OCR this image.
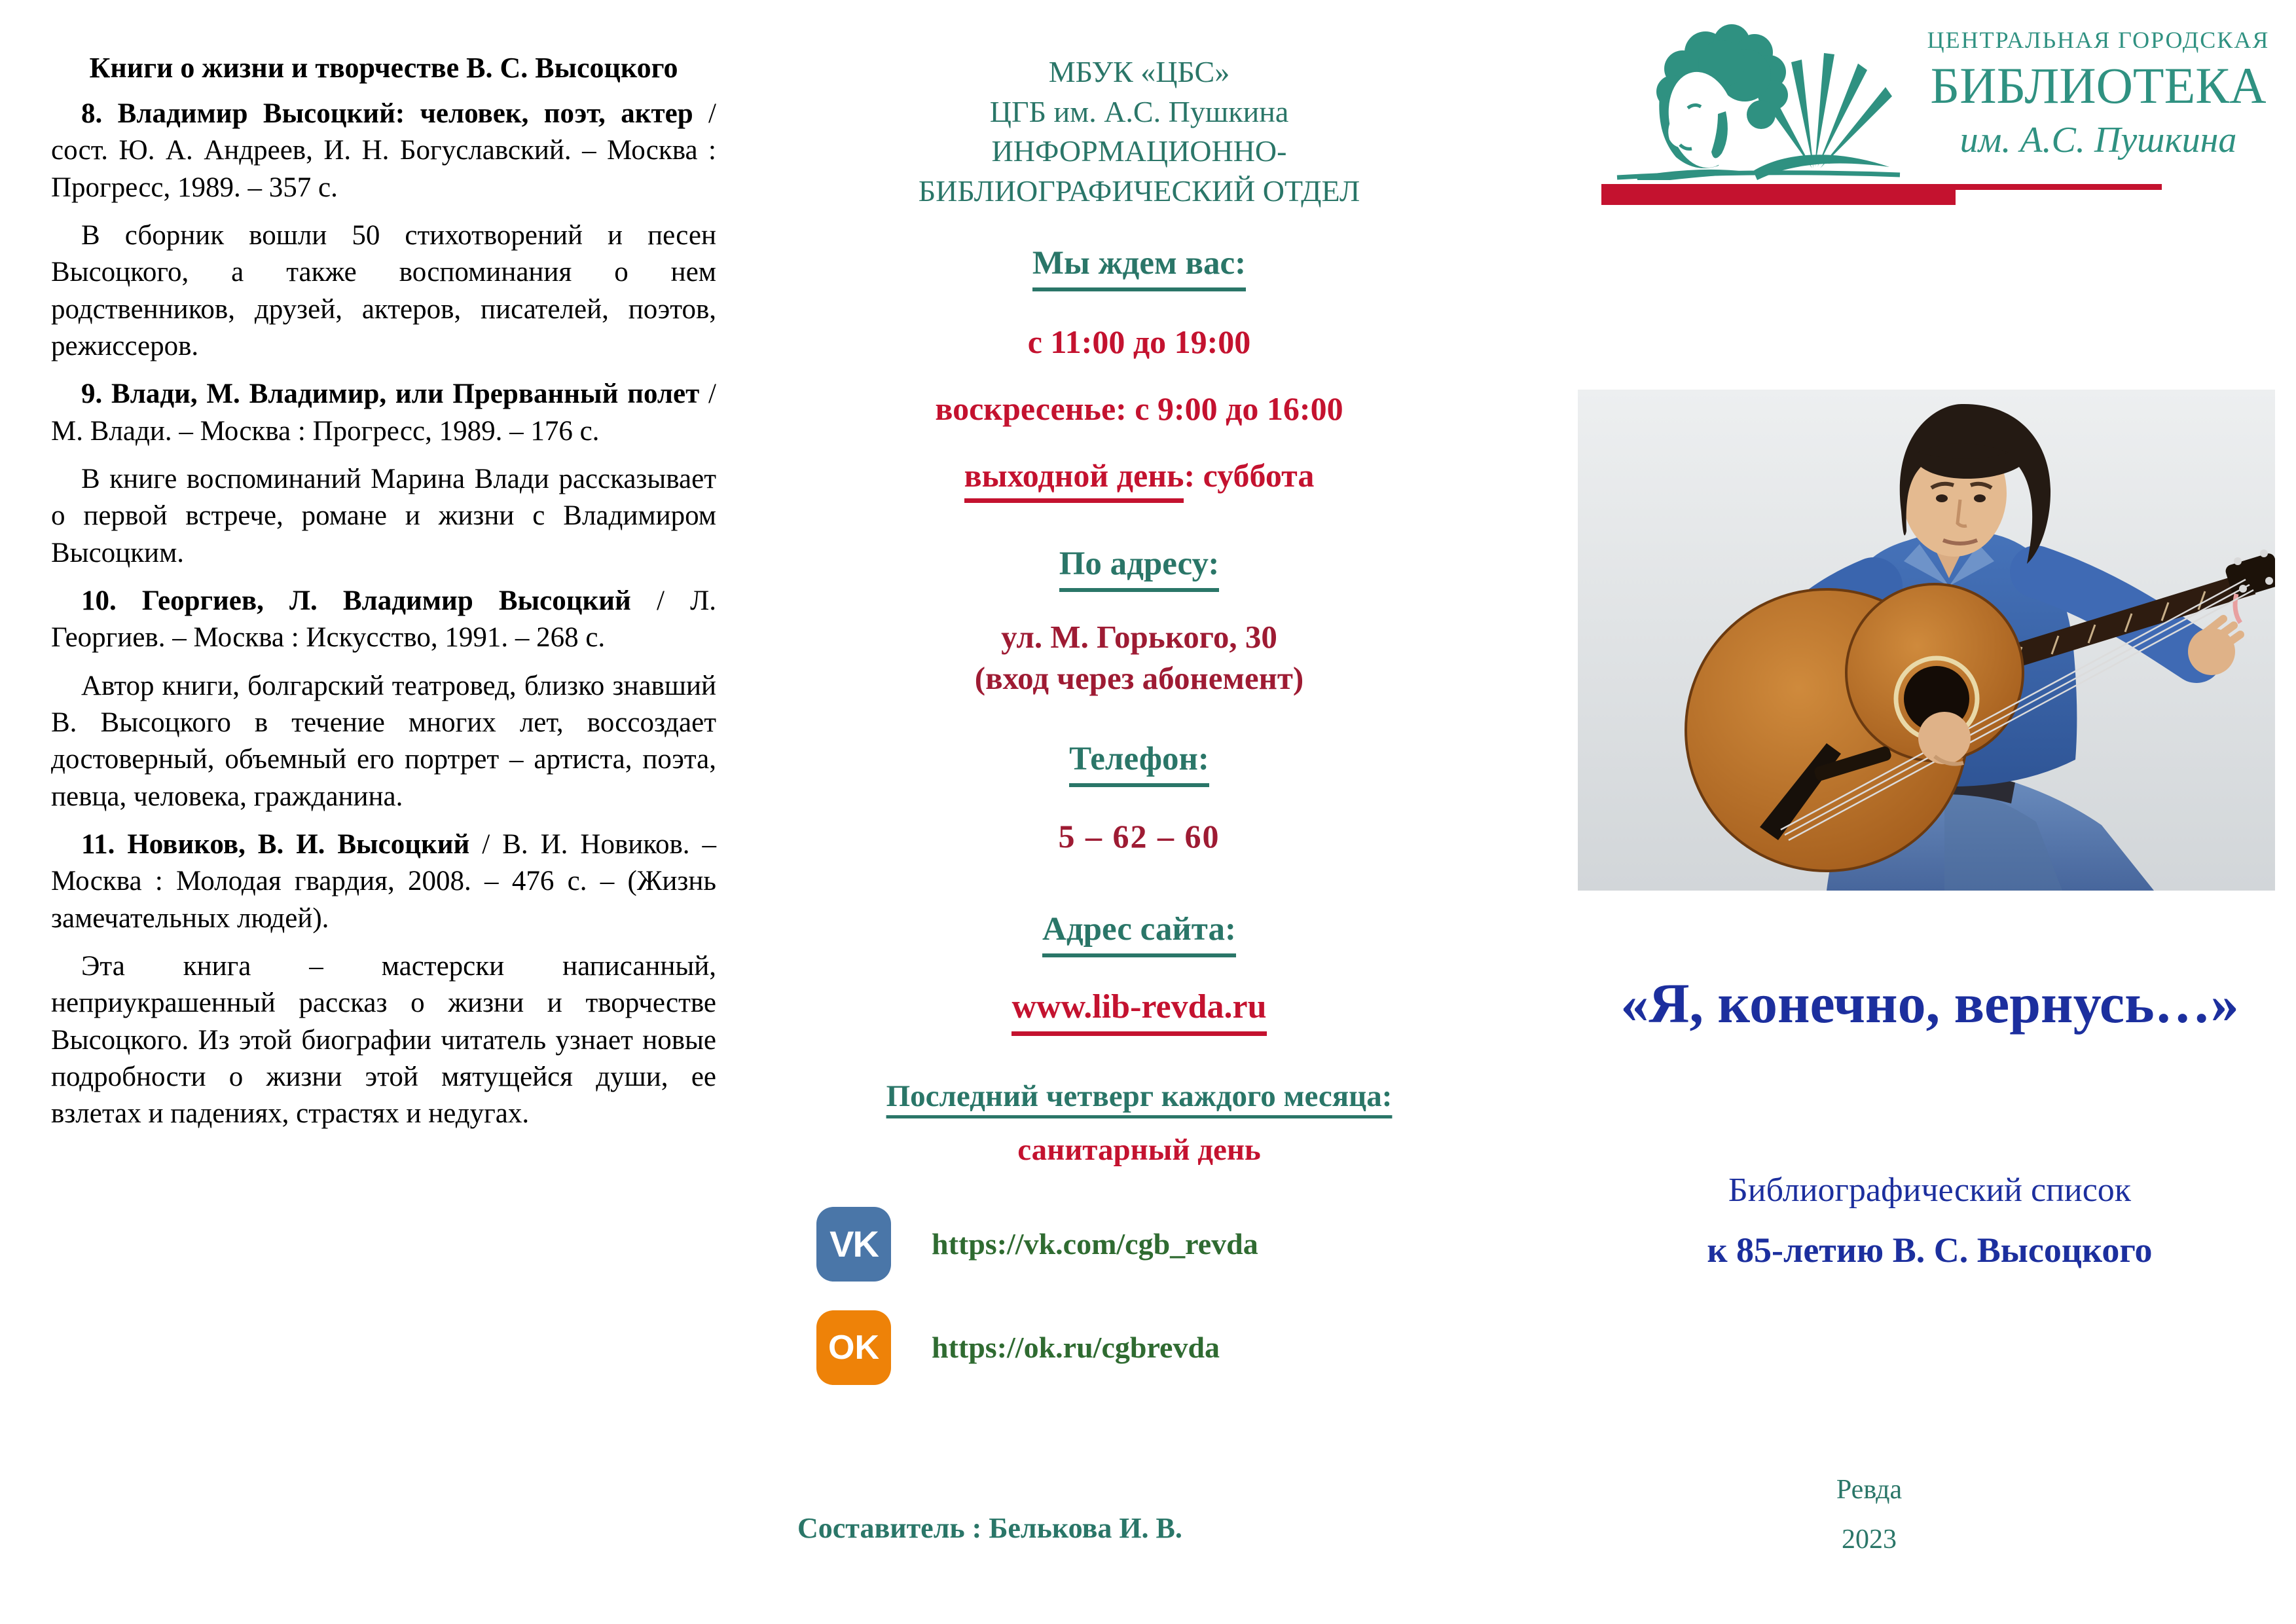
Книги о жизни и творчестве В. С. Высоцкого

8. Владимир Высоцкий: человек, поэт, актер / сост. Ю. А. Андреев, И. Н. Богуславский. – Москва : Прогресс, 1989. – 357 с.

В сборник вошли 50 стихотворений и песен Высоцкого, а также воспоминания о нем родственников, друзей, актеров, писателей, поэтов, режиссеров.

9. Влади, М. Владимир, или Прерванный полет / М. Влади. – Москва : Прогресс, 1989. – 176 с.

В книге воспоминаний Марина Влади рассказывает о первой встрече, романе и жизни с Владимиром Высоцким.

10. Георгиев, Л. Владимир Высоцкий / Л. Георгиев. – Москва : Искусство, 1991. – 268 с.

Автор книги, болгарский театровед, близко знавший В. Высоцкого в течение многих лет, воссоздает достоверный, объемный его портрет – артиста, поэта, певца, человека, гражданина.

11. Новиков, В. И. Высоцкий / В. И. Новиков. – Москва : Молодая гвардия, 2008. – 476 с. – (Жизнь замечательных людей).

Эта книга – мастерски написанный, неприукрашенный рассказ о жизни и творчестве Высоцкого. Из этой биографии читатель узнает новые подробности о жизни этой мятущейся души, ее взлетах и падениях, страстях и недугах.

МБУК «ЦБС»
ЦГБ им. А.С. Пушкина
ИНФОРМАЦИОННО-
БИБЛИОГРАФИЧЕСКИЙ ОТДЕЛ
Мы ждем вас:
с 11:00 до 19:00
воскресенье: с 9:00 до 16:00
выходной день: суббота
По адресу:
ул. М. Горького, 30
(вход через абонемент)
Телефон:
5 – 62 – 60
Адрес сайта:
www.lib-revda.ru
Последний четверг каждого месяца:
санитарный день
VK https://vk.com/cgb_revda
OK https://ok.ru/cgbrevda
Составитель : Белькова И. В.
ЦЕНТРАЛЬНАЯ ГОРОДСКАЯ
БИБЛИОТЕКА
им. А.С. Пушкина
«Я, конечно, вернусь…»
Библиографический список
к 85-летию В. С. Высоцкого
Ревда
2023
